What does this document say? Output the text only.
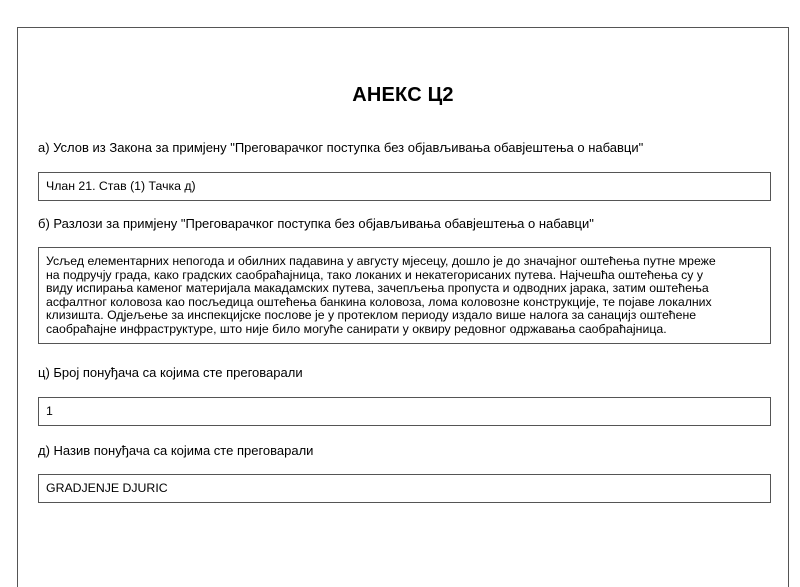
АНЕКС Ц2
а) Услов из Закона за примјену "Преговарачког поступка без објављивања обавјештења о набавци"
Члан 21. Став (1) Тачка д)
б) Разлози за примјену "Преговарачког поступка без објављивања обавјештења о набавци"
Усљед елементарних непогода и обилних падавина у августу мјесецу, дошло је до значајног оштећења путне мреже
на подручју града, како градских саобраћајница, тако локаних и некатегорисаних путева. Најчешћа оштећења су у
виду испирања каменог материјала макадамских путева, зачепљења пропуста и одводних јарака, затим оштећења
асфалтног коловоза као посљедица оштећења банкина коловоза, лома коловозне конструкције, те појаве локалних
клизишта. Одјељење за инспекцијске послове је у протеклом периоду издало више налога за санацијз оштећене
саобраћајне инфраструктуре, што није било могуће санирати у оквиру редовног одржавања саобраћајница.
ц) Број понуђача са којима сте преговарали
1
д) Назив понуђача са којима сте преговарали
GRADJENJE DJURIC
